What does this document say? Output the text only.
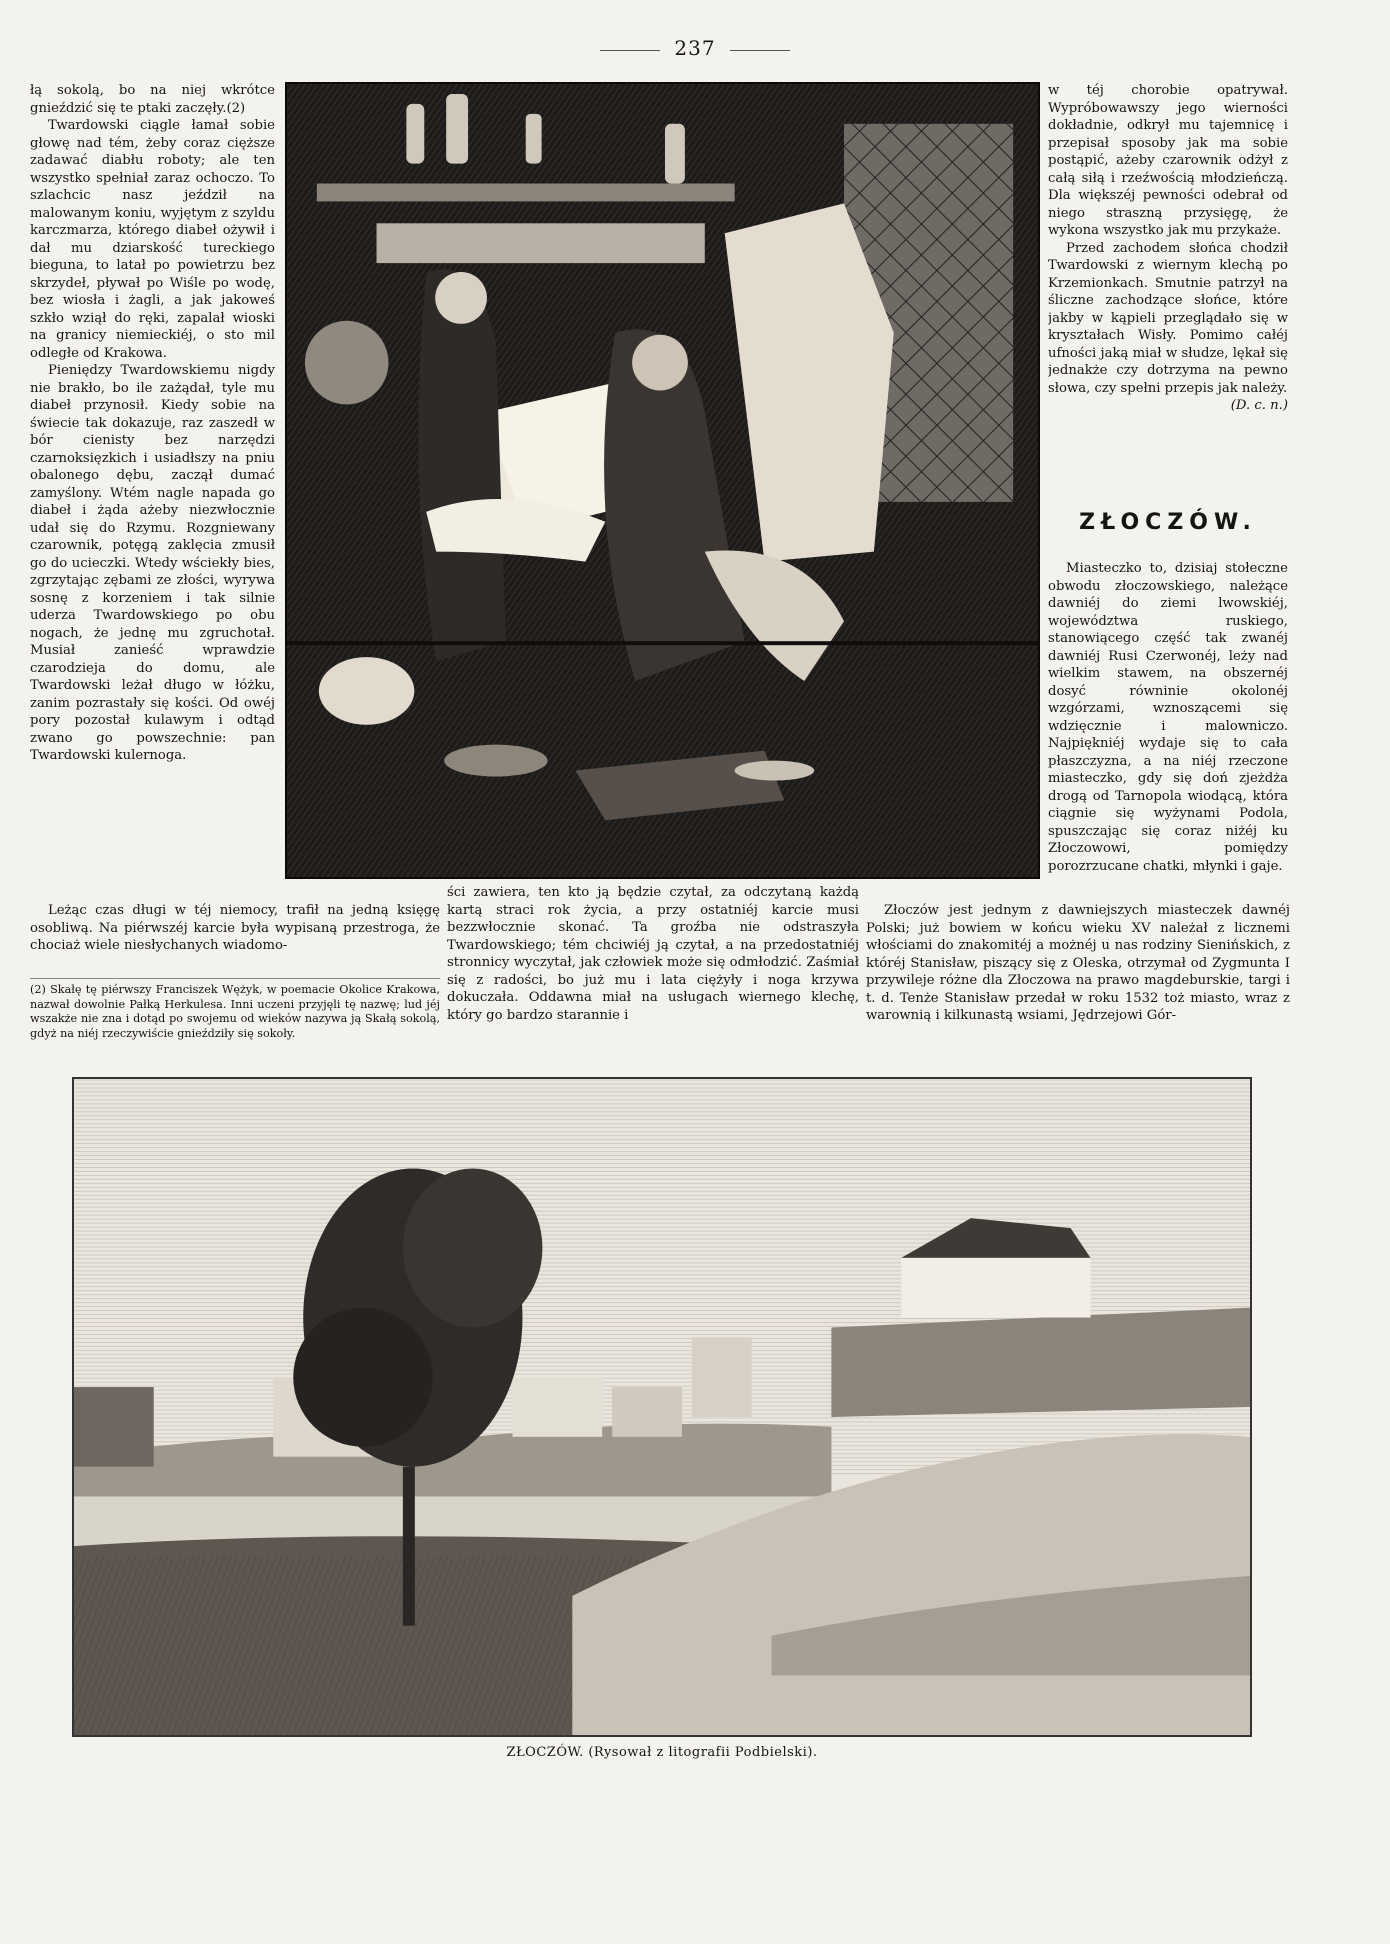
237

łą sokolą, bo na niej wkrótce gnieździć się te ptaki zaczęły.(2)

Twardowski ciągle łamał sobie głowę nad tém, żeby coraz cięższe zadawać diabłu roboty; ale ten wszystko spełniał zaraz ochoczo. To szlachcic nasz jeździł na malowanym koniu, wyjętym z szyldu karczmarza, którego diabeł ożywił i dał mu dziarskość tureckiego bieguna, to latał po powietrzu bez skrzydeł, pływał po Wiśle po wodę, bez wiosła i żagli, a jak jakoweś szkło wziął do ręki, zapalał wioski na granicy niemieckiéj, o sto mil odległe od Krakowa.

Pieniędzy Twardowskiemu nigdy nie brakło, bo ile zażądał, tyle mu diabeł przynosił. Kiedy sobie na świecie tak dokazuje, raz zaszedł w bór cienisty bez narzędzi czarnoksięzkich i usiadłszy na pniu obalonego dębu, zaczął dumać zamyślony. Wtém nagle napada go diabeł i żąda ażeby niezwłocznie udał się do Rzymu. Rozgniewany czarownik, potęgą zaklęcia zmusił go do ucieczki. Wtedy wściekły bies, zgrzytając zębami ze złości, wyrywa sosnę z korzeniem i tak silnie uderza Twardowskiego po obu nogach, że jednę mu zgruchotał. Musiał zanieść wprawdzie czarodzieja do domu, ale Twardowski leżał długo w łóżku, zanim pozrastały się kości. Od owéj pory pozostał kulawym i odtąd zwano go powszechnie: pan Twardowski kulernoga.

w téj chorobie opatrywał. Wypróbowawszy jego wierności dokładnie, odkrył mu tajemnicę i przepisał sposoby jak ma sobie postąpić, ażeby czarownik odżył z całą siłą i rzeźwością młodzieńczą. Dla większéj pewności odebrał od niego straszną przysięgę, że wykona wszystko jak mu przykaże.

Przed zachodem słońca chodził Twardowski z wiernym klechą po Krzemionkach. Smutnie patrzył na śliczne zachodzące słońce, które jakby w kąpieli przeglądało się w kryształach Wisły. Pomimo całéj ufności jaką miał w słudze, lękał się jednakże czy dotrzyma na pewno słowa, czy spełni przepis jak należy.

(D. c. n.)
ZŁOCZÓW.

Miasteczko to, dzisiaj stołeczne obwodu złoczowskiego, należące dawniéj do ziemi lwowskiéj, województwa ruskiego, stanowiącego część tak zwanéj dawniéj Rusi Czerwonéj, leży nad wielkim stawem, na obszernéj dosyć równinie okolonéj wzgórzami, wznoszącemi się wdzięcznie i malowniczo. Najpiękniéj wydaje się to cała płaszczyzna, a na niéj rzeczone miasteczko, gdy się doń zjeżdża drogą od Tarnopola wiodącą, która ciągnie się wyżynami Podola, spuszczając się coraz niżéj ku Złoczowowi, pomiędzy porozrzucane chatki, młynki i gaje.

Leżąc czas długi w téj niemocy, trafił na jedną księgę osobliwą. Na piérwszéj karcie była wypisaną przestroga, że chociaż wiele niesłychanych wiadomo-

(2) Skałę tę piérwszy Franciszek Wężyk, w poemacie Okolice Krakowa, nazwał dowolnie Pałką Herkulesa. Inni uczeni przyjęli tę nazwę; lud jéj wszakże nie zna i dotąd po swojemu od wieków nazywa ją Skałą sokolą, gdyż na niéj rzeczywiście gnieździły się sokoły.

ści zawiera, ten kto ją będzie czytał, za odczytaną każdą kartą straci rok życia, a przy ostatniéj karcie musi bezzwłocznie skonać. Ta groźba nie odstraszyła Twardowskiego; tém chciwiéj ją czytał, a na przedostatniéj stronnicy wyczytał, jak człowiek może się odmłodzić. Zaśmiał się z radości, bo już mu i lata ciężyły i noga krzywa dokuczała. Oddawna miał na usługach wiernego klechę, który go bardzo starannie i

Złoczów jest jednym z dawniejszych miasteczek dawnéj Polski; już bowiem w końcu wieku XV należał z licznemi włościami do znakomitéj a możnéj u nas rodziny Sienińskich, z któréj Stanisław, piszący się z Oleska, otrzymał od Zygmunta I przywileje różne dla Złoczowa na prawo magdeburskie, targi i t. d. Tenże Stanisław przedał w roku 1532 toż miasto, wraz z warownią i kilkunastą wsiami, Jędrzejowi Gór-

ZŁOCZÓW. (Rysował z litografii Podbielski).
